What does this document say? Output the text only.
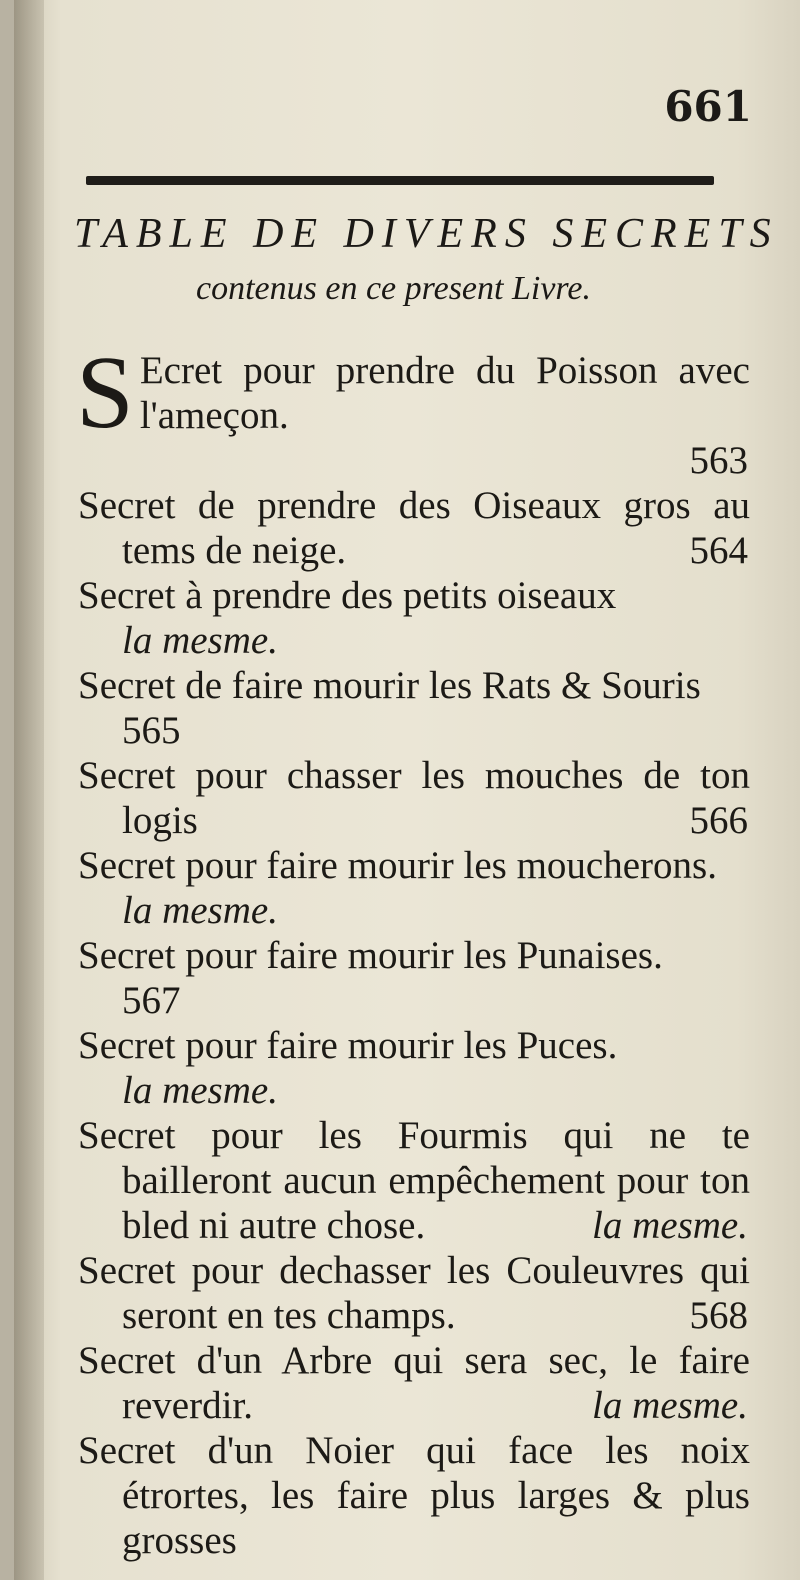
661
TABLE DE DIVERS SECRETS
contenus en ce present Livre.
S Ecret pour prendre du Poisson avec l'ameçon.
563
Secret de prendre des Oiseaux gros au tems de neige.	564
Secret à prendre des petits oiseaux
la mesme.
Secret de faire mourir les Rats & Souris
565
Secret pour chasser les mouches de ton logis	566
Secret pour faire mourir les moucherons.
la mesme.
Secret pour faire mourir les Punaises.
567
Secret pour faire mourir les Puces.
la mesme.
Secret pour les Fourmis qui ne te bailleront aucun empêchement pour ton bled ni autre chose.	la mesme.
Secret pour dechasser les Couleuvres qui seront en tes champs.	568
Secret d'un Arbre qui sera sec, le faire reverdir.	la mesme.
Secret d'un Noier qui face les noix étrortes, les faire plus larges & plus grosses
